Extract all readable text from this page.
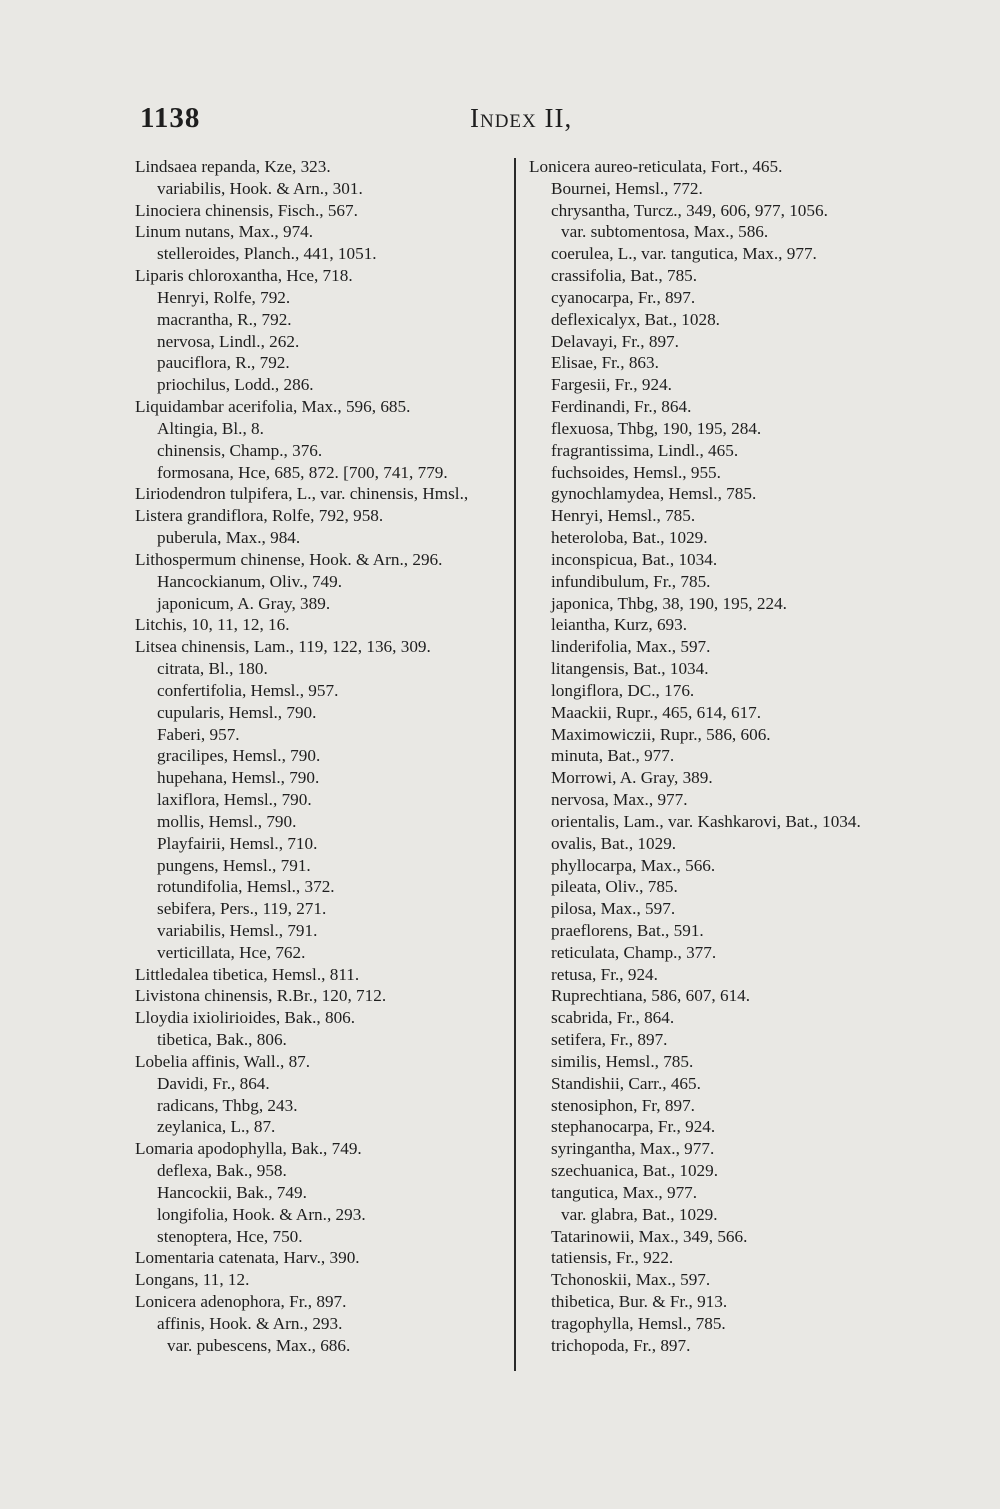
1138	Index II,
Lindsaea repanda, Kze, 323.
variabilis, Hook. & Arn., 301.
Linociera chinensis, Fisch., 567.
Linum nutans, Max., 974.
stelleroides, Planch., 441, 1051.
Liparis chloroxantha, Hce, 718.
Henryi, Rolfe, 792.
macrantha, R., 792.
nervosa, Lindl., 262.
pauciflora, R., 792.
priochilus, Lodd., 286.
Liquidambar acerifolia, Max., 596, 685.
Altingia, Bl., 8.
chinensis, Champ., 376.
formosana, Hce, 685, 872. [700, 741, 779.
Liriodendron tulpifera, L., var. chinensis, Hmsl.,
Listera grandiflora, Rolfe, 792, 958.
puberula, Max., 984.
Lithospermum chinense, Hook. & Arn., 296.
Hancockianum, Oliv., 749.
japonicum, A. Gray, 389.
Litchis, 10, 11, 12, 16.
Litsea chinensis, Lam., 119, 122, 136, 309.
citrata, Bl., 180.
confertifolia, Hemsl., 957.
cupularis, Hemsl., 790.
Faberi, 957.
gracilipes, Hemsl., 790.
hupehana, Hemsl., 790.
laxiflora, Hemsl., 790.
mollis, Hemsl., 790.
Playfairii, Hemsl., 710.
pungens, Hemsl., 791.
rotundifolia, Hemsl., 372.
sebifera, Pers., 119, 271.
variabilis, Hemsl., 791.
verticillata, Hce, 762.
Littledalea tibetica, Hemsl., 811.
Livistona chinensis, R.Br., 120, 712.
Lloydia ixiolirioides, Bak., 806.
tibetica, Bak., 806.
Lobelia affinis, Wall., 87.
Davidi, Fr., 864.
radicans, Thbg, 243.
zeylanica, L., 87.
Lomaria apodophylla, Bak., 749.
deflexa, Bak., 958.
Hancockii, Bak., 749.
longifolia, Hook. & Arn., 293.
stenoptera, Hce, 750.
Lomentaria catenata, Harv., 390.
Longans, 11, 12.
Lonicera adenophora, Fr., 897.
affinis, Hook. & Arn., 293.
var. pubescens, Max., 686.
Lonicera aureo-reticulata, Fort., 465.
Bournei, Hemsl., 772.
chrysantha, Turcz., 349, 606, 977, 1056.
var. subtomentosa, Max., 586.
coerulea, L., var. tangutica, Max., 977.
crassifolia, Bat., 785.
cyanocarpa, Fr., 897.
deflexicalyx, Bat., 1028.
Delavayi, Fr., 897.
Elisae, Fr., 863.
Fargesii, Fr., 924.
Ferdinandi, Fr., 864.
flexuosa, Thbg, 190, 195, 284.
fragrantissima, Lindl., 465.
fuchsoides, Hemsl., 955.
gynochlamydea, Hemsl., 785.
Henryi, Hemsl., 785.
heteroloba, Bat., 1029.
inconspicua, Bat., 1034.
infundibulum, Fr., 785.
japonica, Thbg, 38, 190, 195, 224.
leiantha, Kurz, 693.
linderifolia, Max., 597.
litangensis, Bat., 1034.
longiflora, DC., 176.
Maackii, Rupr., 465, 614, 617.
Maximowiczii, Rupr., 586, 606.
minuta, Bat., 977.
Morrowi, A. Gray, 389.
nervosa, Max., 977.
orientalis, Lam., var. Kashkarovi, Bat., 1034.
ovalis, Bat., 1029.
phyllocarpa, Max., 566.
pileata, Oliv., 785.
pilosa, Max., 597.
praeflorens, Bat., 591.
reticulata, Champ., 377.
retusa, Fr., 924.
Ruprechtiana, 586, 607, 614.
scabrida, Fr., 864.
setifera, Fr., 897.
similis, Hemsl., 785.
Standishii, Carr., 465.
stenosiphon, Fr, 897.
stephanocarpa, Fr., 924.
syringantha, Max., 977.
szechuanica, Bat., 1029.
tangutica, Max., 977.
var. glabra, Bat., 1029.
Tatarinowii, Max., 349, 566.
tatiensis, Fr., 922.
Tchonoskii, Max., 597.
thibetica, Bur. & Fr., 913.
tragophylla, Hemsl., 785.
trichopoda, Fr., 897.
